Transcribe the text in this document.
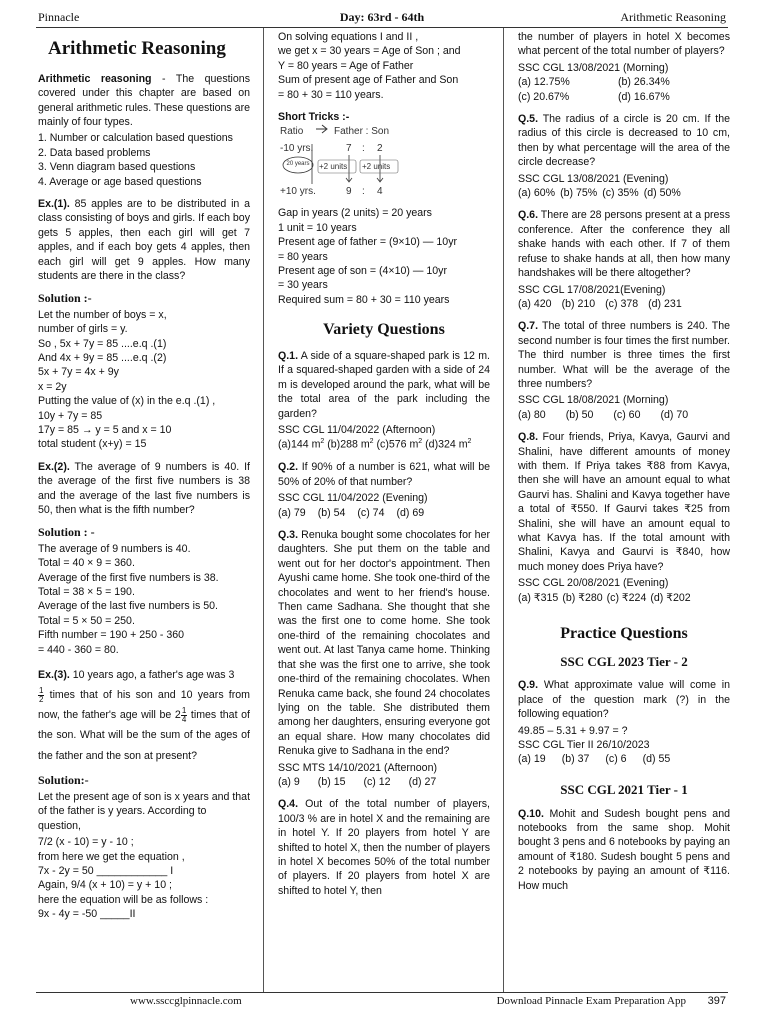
Pinnacle	Day: 63rd - 64th	Arithmetic Reasoning
Arithmetic Reasoning

Arithmetic reasoning - The questions covered under this chapter are based on general arithmetic rules. These questions are mainly of four types.

1. Number or calculation based questions

2. Data based problems

3. Venn diagram based questions

4. Average or age based questions

Ex.(1). 85 apples are to be distributed in a class consisting of boys and girls. If each boy gets 5 apples, then each girl will get 7 apples, and if each boy gets 4 apples, then each girl will get 9 apples. How many students are there in the class?

Solution :-

Let the number of boys = x,

number of girls = y.

So , 5x + 7y = 85 ....e.q .(1)

And 4x + 9y = 85 ....e.q .(2)

5x + 7y = 4x + 9y

x = 2y

Putting the value of (x) in the e.q .(1) ,

10y + 7y = 85

17y = 85 → y = 5 and x = 10

total student (x+y) = 15

Ex.(2). The average of 9 numbers is 40. If the average of the first five numbers is 38 and the average of the last five numbers is 50, then what is the fifth number?

Solution : -

The average of 9 numbers is 40.

Total = 40 × 9 = 360.

Average of the first five numbers is 38.

Total = 38 × 5 = 190.

Average of the last five numbers is 50.

Total = 5 × 50 = 250.

Fifth number = 190 + 250 - 360

= 440 - 360 = 80.

Ex.(3). 10 years ago, a father's age was 3

$\frac{1}{2}$ times that of his son and 10 years from now, the father's age will be $2 \frac{1}{4}$ times that of the son. What will be the sum of the ages of the father and the son at present?

Solution:-

Let the present age of son is x years and that of the father is y years. According to question,

7/2 (x - 10) = y - 10 ;

from here we get the equation ,

7x - 2y = 50 ____________ I

Again, 9/4 (x + 10) = y + 10 ;

here the equation will be as follows :

9x - 4y = -50 _____II

On solving equations I and II ,

we get x = 30 years = Age of Son ; and

Y = 80 years = Age of Father

Sum of present age of Father and Son

= 80 + 30 = 110 years.

Short Tricks :-

Ratio	Father : Son
-10 yrs.	7 : 2
+2 units +2 units
+10 yrs.	9 : 4
20 years

Gap in years (2 units) = 20 years

1 unit = 10 years

Present age of father = (9×10) — 10yr

= 80 years

Present age of son = (4×10) — 10yr

= 30 years

Required sum = 80 + 30 = 110 years

Variety Questions

Q.1. A side of a square-shaped park is 12 m. If a squared-shaped garden with a side of 24 m is developed around the park, what will be the total area of the park including the garden?

SSC CGL 11/04/2022 (Afternoon)

(a)144 $m^2$ (b)288 $m^2$ (c)576 $m^2$ (d)324 $m^2$

Q.2. If 90% of a number is 621, what will be 50% of 20% of that number?

SSC CGL 11/04/2022 (Evening)

(a) 79 (b) 54 (c) 74 (d) 69

Q.3. Renuka bought some chocolates for her daughters. She put them on the table and went out for her doctor's appointment. Then Ayushi came home. She took one-third of the chocolates and went to her friend's house. Then came Sadhana. She thought that she was the first one to come home. She took one-third of the remaining chocolates and went out. At last Tanya came home. Thinking that she was the first one to arrive, she took one-third of the remaining chocolates. When Renuka came back, she found 24 chocolates lying on the table. She distributed them among her daughters, ensuring everyone got an equal share. How many chocolates did Renuka give to Sadhana in the end?

SSC MTS 14/10/2021 (Afternoon)

(a) 9 (b) 15 (c) 12 (d) 27

Q.4. Out of the total number of players, 100/3 % are in hotel X and the remaining are in hotel Y. If 20 players from hotel Y are shifted to hotel X, then the number of players in hotel X becomes 50% of the total number of players. If 20 players from hotel X are shifted to hotel Y, then

the number of players in hotel X becomes what percent of the total number of players?

SSC CGL 13/08/2021 (Morning)

(a) 12.75%	(b) 26.34%
(c) 20.67%	(d) 16.67%

Q.5. The radius of a circle is 20 cm. If the radius of this circle is decreased to 10 cm, then by what percentage will the area of the circle decrease?

SSC CGL 13/08/2021 (Evening)

(a) 60% (b) 75% (c) 35% (d) 50%

Q.6. There are 28 persons present at a press conference. After the conference they all shake hands with each other. If 7 of them refuse to shake hands at all, then how many handshakes will be there altogether?

SSC CGL 17/08/2021(Evening)

(a) 420 (b) 210 (c) 378 (d) 231

Q.7. The total of three numbers is 240. The second number is four times the first number. The third number is three times the first number. What will be the average of the three numbers?

SSC CGL 18/08/2021 (Morning)

(a) 80 (b) 50 (c) 60 (d) 70

Q.8. Four friends, Priya, Kavya, Gaurvi and Shalini, have different amounts of money with them. If Priya takes ₹88 from Kavya, then she will have an amount equal to what Gaurvi has. Shalini and Kavya together have a total of ₹550. If Gaurvi takes ₹25 from Shalini, she will have an amount equal to what Kavya has. If the total amount with Shalini, Kavya and Gaurvi is ₹840, how much money does Priya have?

SSC CGL 20/08/2021 (Evening)

(a) ₹315 (b) ₹280 (c) ₹224 (d) ₹202
Practice Questions
SSC CGL 2023 Tier - 2

Q.9. What approximate value will come in place of the question mark (?) in the following equation?

49.85 – 5.31 + 9.97 = ?

SSC CGL Tier II 26/10/2023

(a) 19 (b) 37 (c) 6 (d) 55
SSC CGL 2021 Tier - 1

Q.10. Mohit and Sudesh bought pens and notebooks from the same shop. Mohit bought 3 pens and 6 notebooks by paying an amount of ₹180. Sudesh bought 5 pens and 2 notebooks by paying an amount of ₹116. How much

www.ssccglpinnacle.com	Download Pinnacle Exam Preparation App 397
